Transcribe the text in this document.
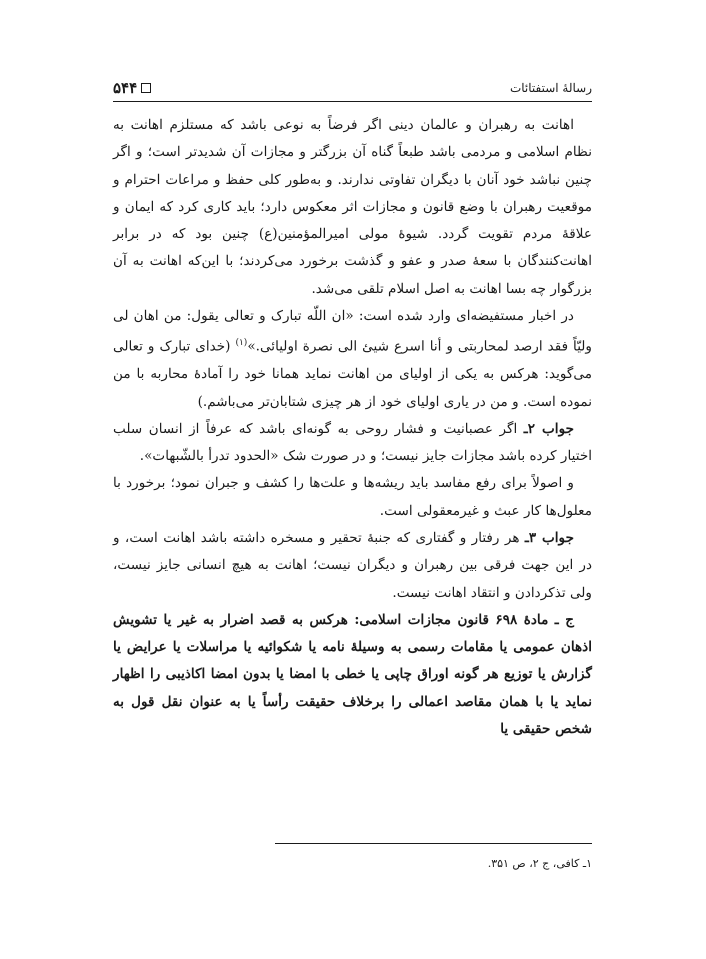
۵۴۴	رسالهٔ استفتائات

اهانت به رهبران و عالمان دینی اگر فرضاً به نوعی باشد که مستلزم اهانت به نظام اسلامی و مردمی باشد طبعاً گناه آن بزرگتر و مجازات آن شدیدتر است؛ و اگر چنین نباشد خود آنان با دیگران تفاوتی ندارند. و به‌طور کلی حفظ و مراعات احترام و موقعیت رهبران با وضع قانون و مجازات اثر معکوس دارد؛ باید کاری کرد که ایمان و علاقهٔ مردم تقویت گردد. شیوهٔ مولی امیرالمؤمنین(ع) چنین بود که در برابر اهانت‌کنندگان با سعهٔ صدر و عفو و گذشت برخورد می‌کردند؛ با این‌که اهانت به آن بزرگوار چه بسا اهانت به اصل اسلام تلقی می‌شد.

در اخبار مستفیضه‌ای وارد شده است: «ان اللّه تبارک و تعالی یقول: من اهان لی ولیّاً فقد ارصد لمحاربتی و أنا اسرع شیئ الی نصرة اولیائی.»$^{(۱)}$ (خدای تبارک و تعالی می‌گوید: هرکس به یکی از اولیای من اهانت نماید همانا خود را آمادهٔ محاربه با من نموده است. و من در یاری اولیای خود از هر چیزی شتابان‌تر می‌باشم.)

جواب ۲ـ اگر عصبانیت و فشار روحی به گونه‌ای باشد که عرفاً از انسان سلب اختیار کرده باشد مجازات جایز نیست؛ و در صورت شک «الحدود تدرأ بالشّبهات».

و اصولاً برای رفع مفاسد باید ریشه‌ها و علت‌ها را کشف و جبران نمود؛ برخورد با معلول‌ها کار عبث و غیرمعقولی است.

جواب ۳ـ هر رفتار و گفتاری که جنبهٔ تحقیر و مسخره داشته باشد اهانت است، و در این جهت فرقی بین رهبران و دیگران نیست؛ اهانت به هیچ انسانی جایز نیست، ولی تذکردادن و انتقاد اهانت نیست.

ج ـ مادهٔ ۶۹۸ قانون مجازات اسلامی: هرکس به قصد اضرار به غیر یا تشویش اذهان عمومی یا مقامات رسمی به وسیلهٔ نامه یا شکوائیه یا مراسلات یا عرایض یا گزارش یا توزیع هر گونه اوراق چاپی یا خطی با امضا یا بدون امضا اکاذیبی را اظهار نماید یا با همان مقاصد اعمالی را برخلاف حقیقت رأساً یا به عنوان نقل قول به شخص حقیقی یا

۱ـ کافی، ج ۲، ص ۳۵۱.
